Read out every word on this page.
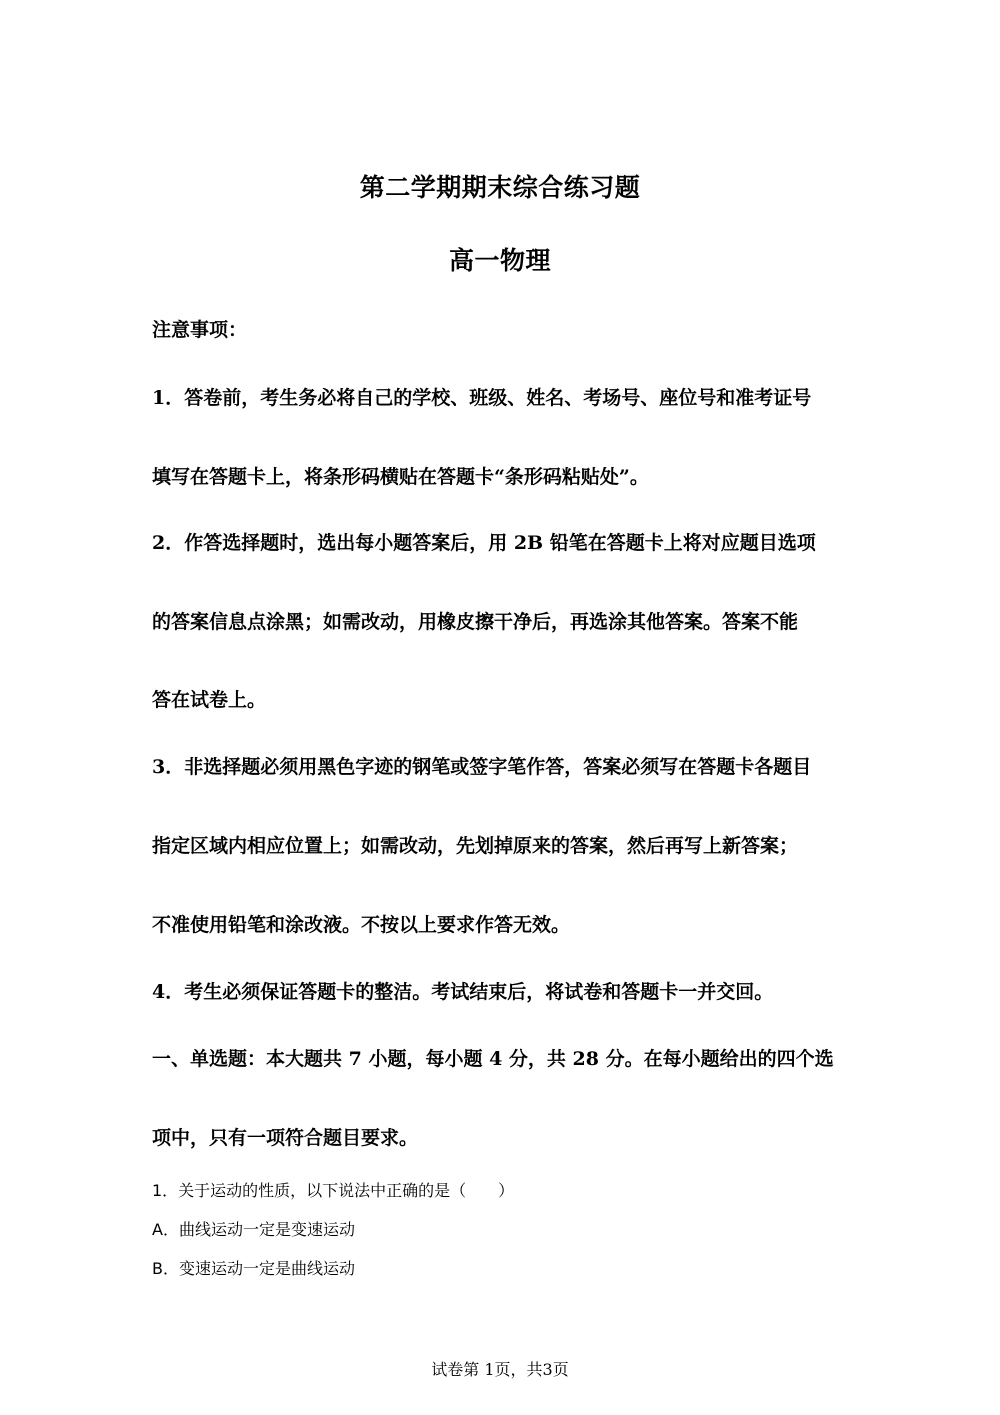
第二学期期末综合练习题
高一物理
注意事项：
1．答卷前，考生务必将自己的学校、班级、姓名、考场号、座位号和准考证号
填写在答题卡上，将条形码横贴在答题卡“条形码粘贴处”。
2．作答选择题时，选出每小题答案后，用 2B 铅笔在答题卡上将对应题目选项
的答案信息点涂黑；如需改动，用橡皮擦干净后，再选涂其他答案。答案不能
答在试卷上。
3．非选择题必须用黑色字迹的钢笔或签字笔作答，答案必须写在答题卡各题目
指定区域内相应位置上；如需改动，先划掉原来的答案，然后再写上新答案；
不准使用铅笔和涂改液。不按以上要求作答无效。
4．考生必须保证答题卡的整洁。考试结束后，将试卷和答题卡一并交回。
一、单选题：本大题共 7 小题，每小题 4 分，共 28 分。在每小题给出的四个选
项中，只有一项符合题目要求。
1．关于运动的性质，以下说法中正确的是（　　）
A．曲线运动一定是变速运动
B．变速运动一定是曲线运动
试卷第 1页，共3页
